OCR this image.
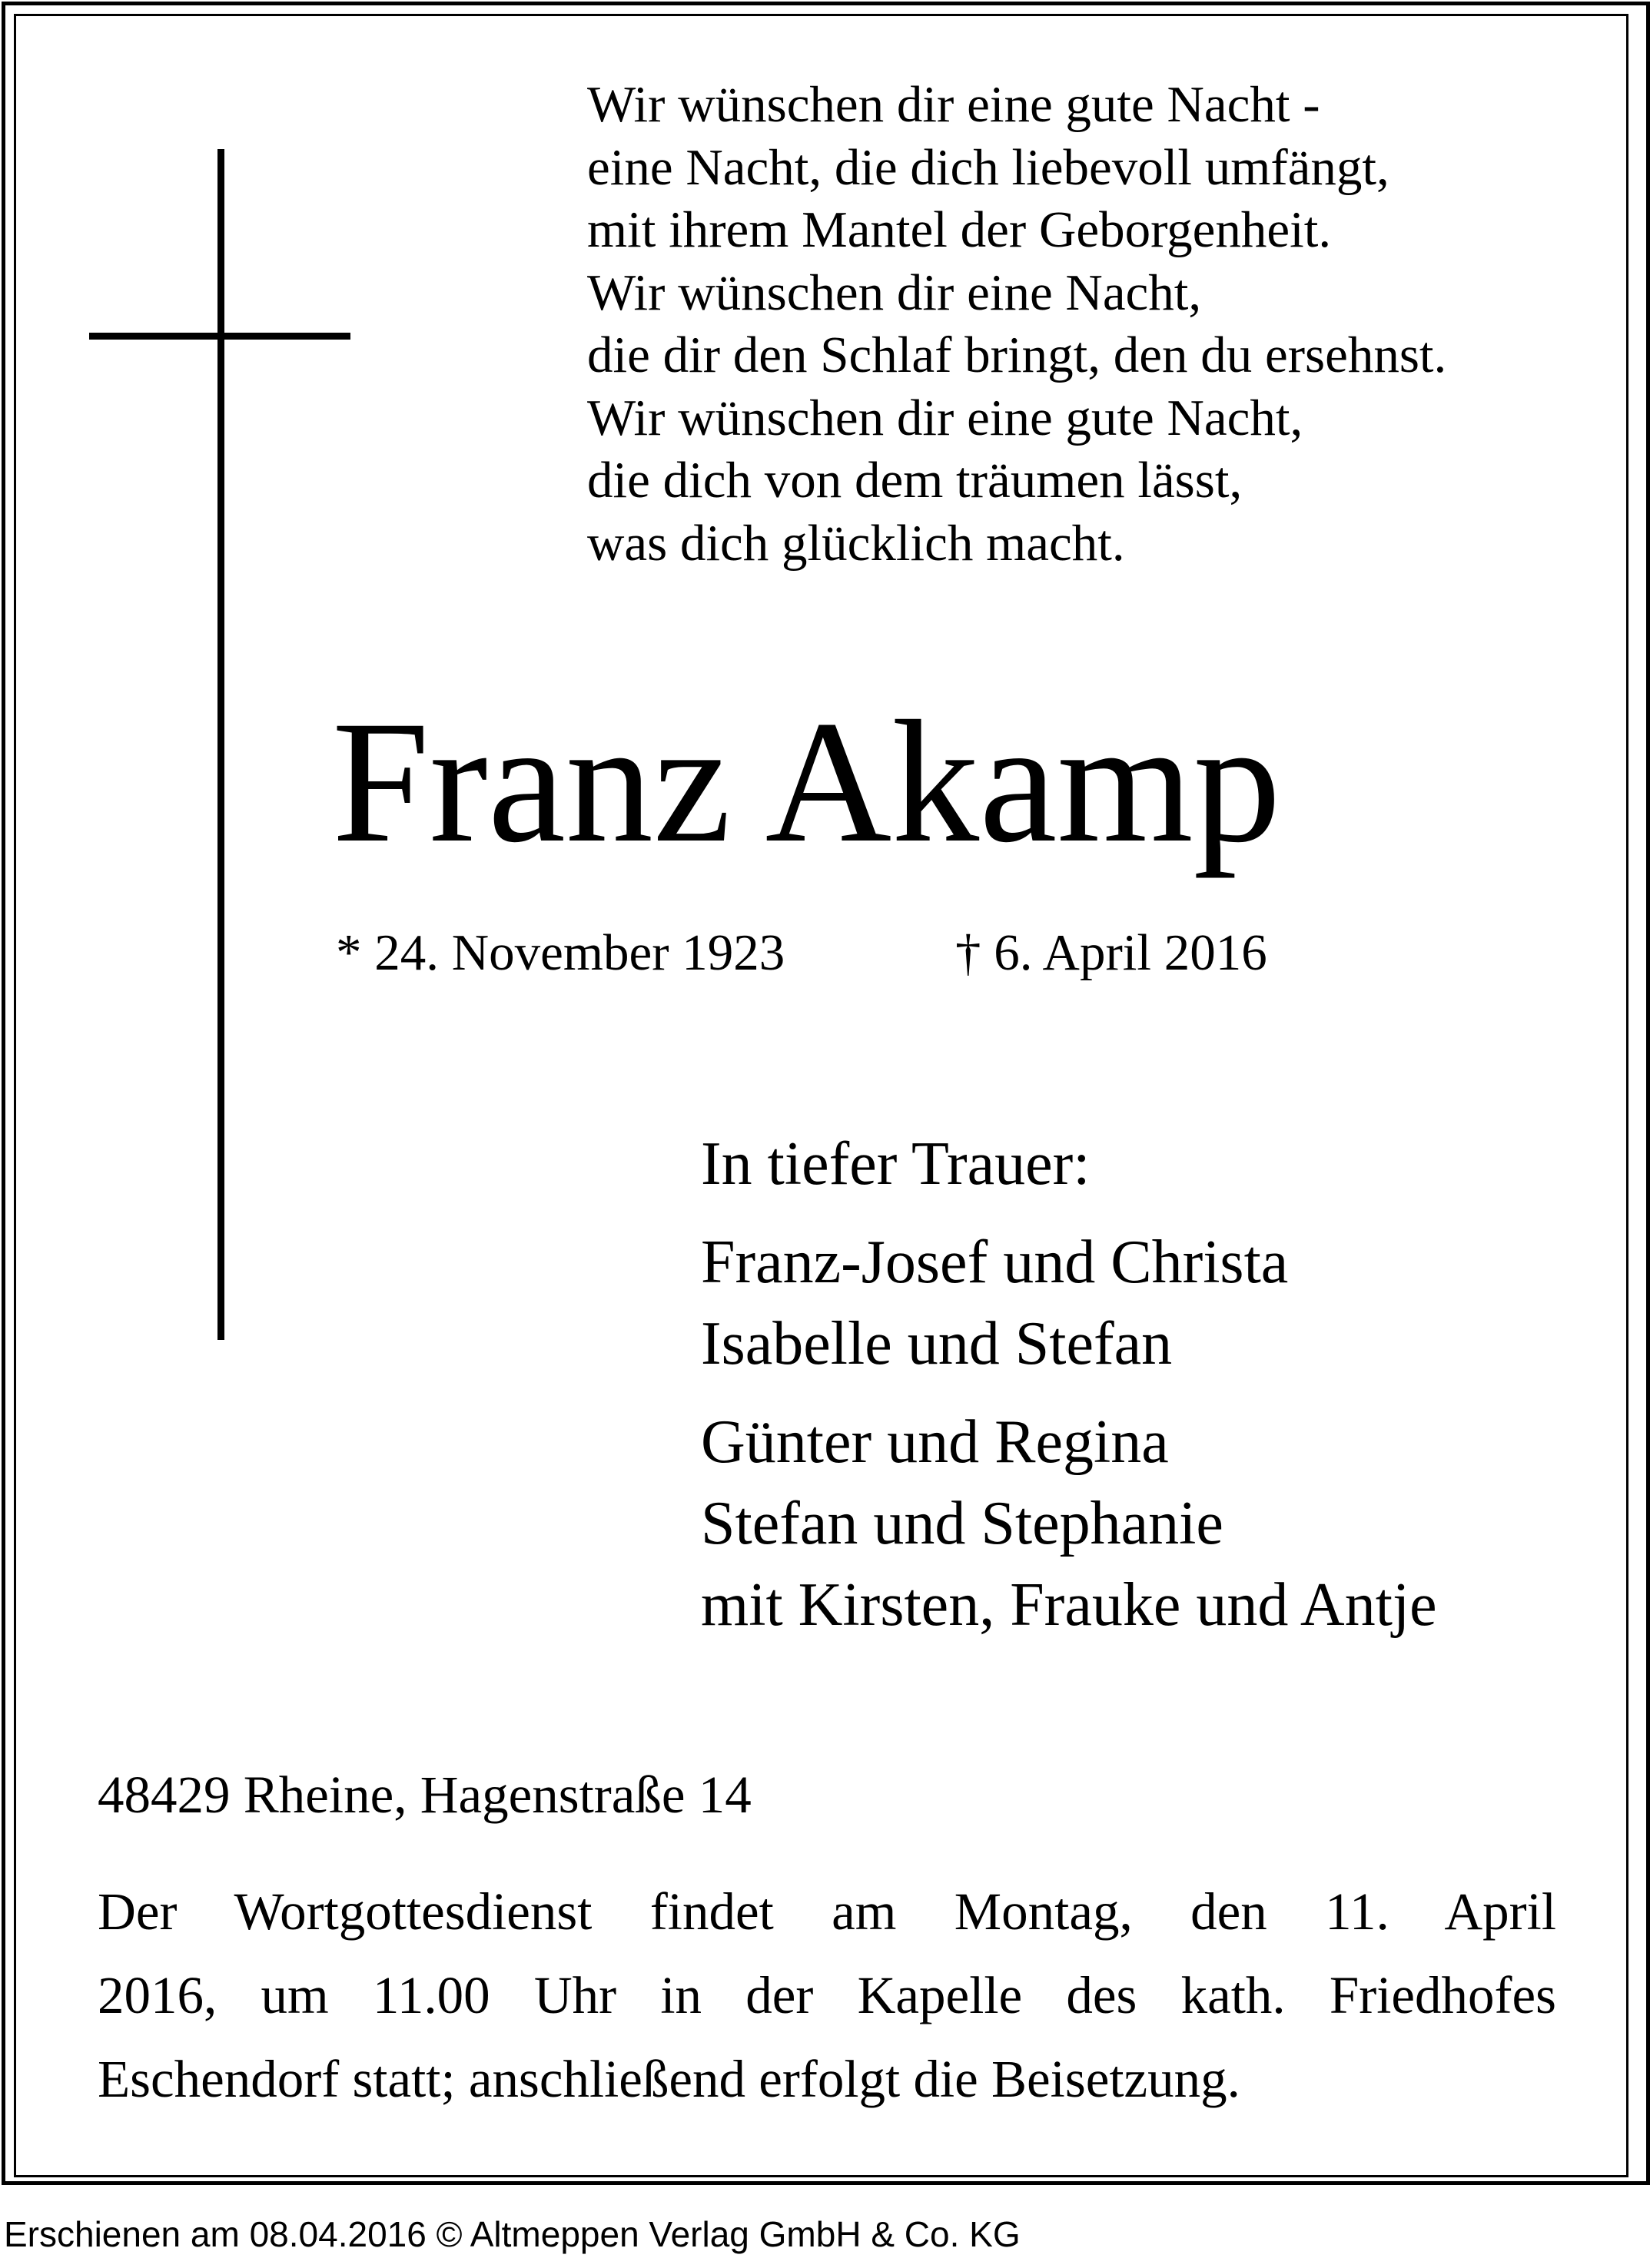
Wir wünschen dir eine gute Nacht -
eine Nacht, die dich liebevoll umfängt,
mit ihrem Mantel der Geborgenheit.
Wir wünschen dir eine Nacht,
die dir den Schlaf bringt, den du ersehnst.
Wir wünschen dir eine gute Nacht,
die dich von dem träumen lässt,
was dich glücklich macht.
Franz Akamp
* 24. November 1923	† 6. April 2016
In tiefer Trauer:
Franz-Josef und Christa
Isabelle und Stefan
Günter und Regina
Stefan und Stephanie
mit Kirsten, Frauke und Antje
48429 Rheine, Hagenstraße 14
Der Wortgottesdienst findet am Montag, den 11. April
2016, um 11.00 Uhr in der Kapelle des kath. Friedhofes
Eschendorf statt; anschließend erfolgt die Beisetzung.
Erschienen am 08.04.2016 © Altmeppen Verlag GmbH & Co. KG
